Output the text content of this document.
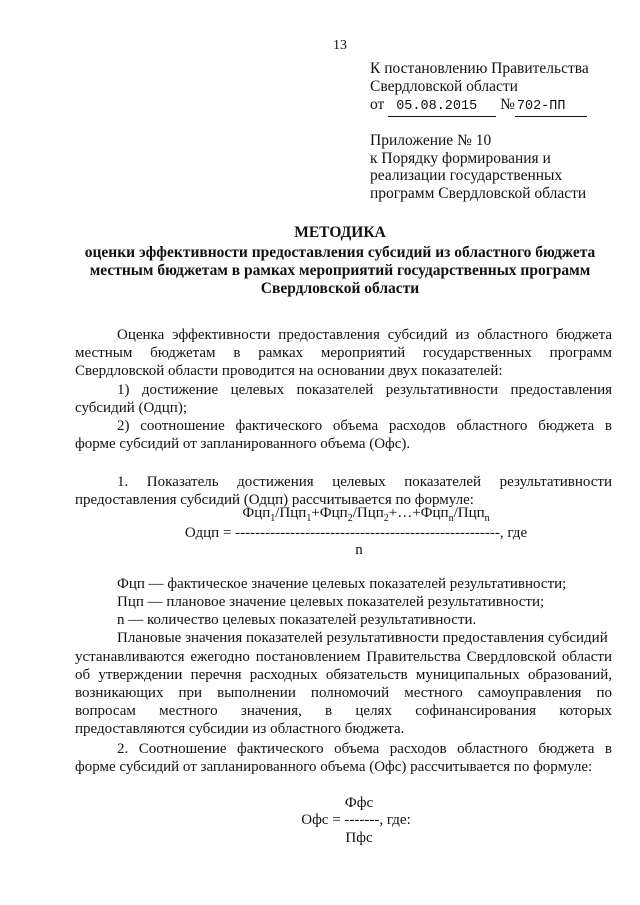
13
К постановлению Правительства
Свердловской области
от 05.08.2015 № 702-ПП
Приложение № 10
к Порядку формирования и
реализации государственных
программ Свердловской области
МЕТОДИКА
оценки эффективности предоставления субсидий из областного бюджета
местным бюджетам в рамках мероприятий государственных программ
Свердловской области
Оценка эффективности предоставления субсидий из областного бюджета
местным бюджетам в рамках мероприятий государственных программ
Свердловской области проводится на основании двух показателей:
1) достижение целевых показателей результативности предоставления
субсидий (Одцп);
2) соотношение фактического объема расходов областного бюджета в
форме субсидий от запланированного объема (Офс).
1. Показатель достижения целевых показателей результативности
предоставления субсидий (Одцп) рассчитывается по формуле:
Фцп$_1$/Пцп$_1$+Фцп$_2$/Пцп$_2$+…+Фцп$_n$/Пцп$_n$
Одцп = -----------------------------------------------------, где
n
Фцп — фактическое значение целевых показателей результативности;
Пцп — плановое значение целевых показателей результативности;
n — количество целевых показателей результативности.
Плановые значения показателей результативности предоставления субсидий
устанавливаются ежегодно постановлением Правительства Свердловской области
об утверждении перечня расходных обязательств муниципальных образований,
возникающих при выполнении полномочий местного самоуправления по
вопросам местного значения, в целях софинансирования которых
предоставляются субсидии из областного бюджета.
2. Соотношение фактического объема расходов областного бюджета в
форме субсидий от запланированного объема (Офс) рассчитывается по формуле:
Ффс
Офс = -------, где:
Пфс
